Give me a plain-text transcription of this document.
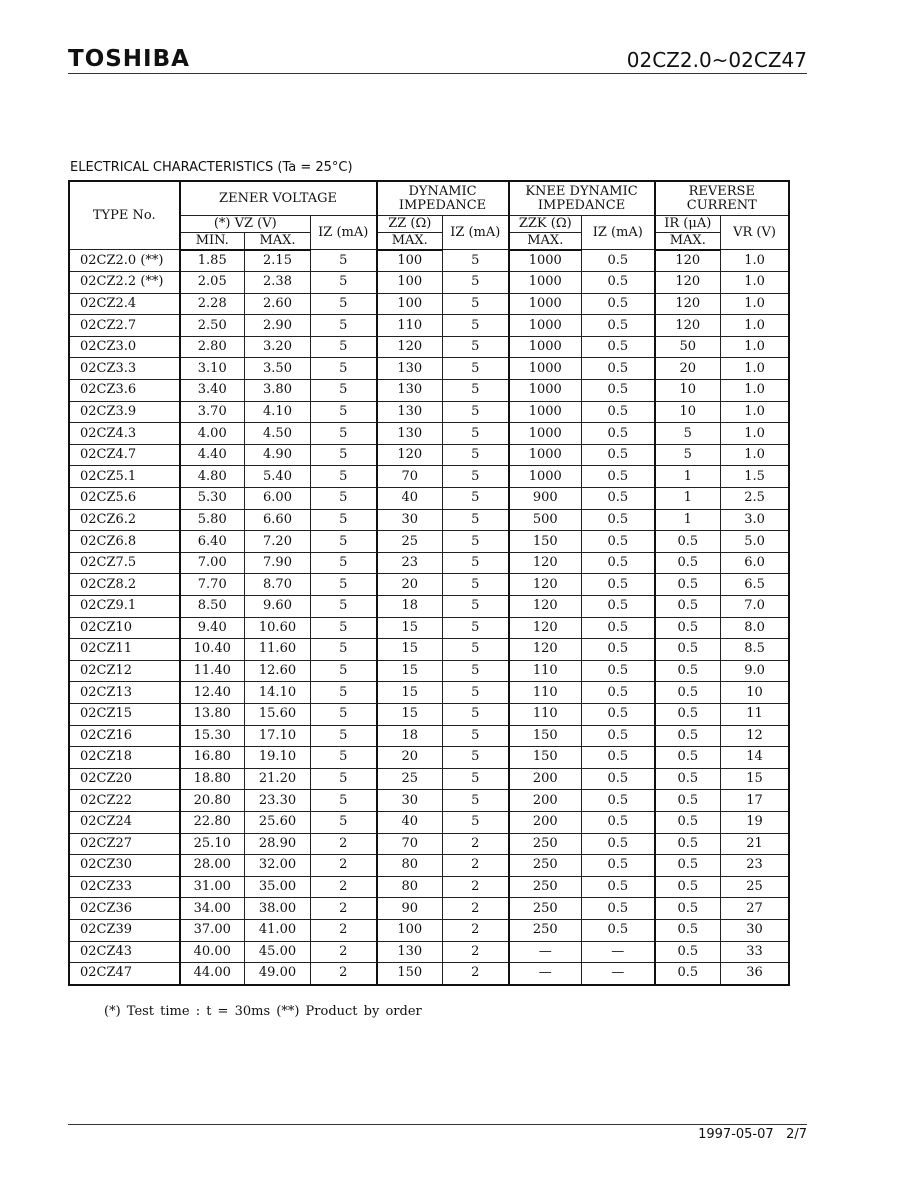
TOSHIBA	02CZ2.0~02CZ47
ELECTRICAL CHARACTERISTICS (Ta = 25°C)
TYPE No.	ZENER VOLTAGE			DYNAMIC IMPEDANCE		KNEE DYNAMIC IMPEDANCE		REVERSE CURRENT	
	(*) VZ (V)		IZ (mA)	ZZ (Ω)	IZ (mA)	ZZK (Ω)	IZ (mA)	IR (μA)	VR (V)
	MIN.	MAX.		MAX.		MAX.		MAX.	
02CZ2.0 (**)	1.85	2.15	5	100	5	1000	0.5	120	1.0
02CZ2.2 (**)	2.05	2.38	5	100	5	1000	0.5	120	1.0
02CZ2.4	2.28	2.60	5	100	5	1000	0.5	120	1.0
02CZ2.7	2.50	2.90	5	110	5	1000	0.5	120	1.0
02CZ3.0	2.80	3.20	5	120	5	1000	0.5	50	1.0
02CZ3.3	3.10	3.50	5	130	5	1000	0.5	20	1.0
02CZ3.6	3.40	3.80	5	130	5	1000	0.5	10	1.0
02CZ3.9	3.70	4.10	5	130	5	1000	0.5	10	1.0
02CZ4.3	4.00	4.50	5	130	5	1000	0.5	5	1.0
02CZ4.7	4.40	4.90	5	120	5	1000	0.5	5	1.0
02CZ5.1	4.80	5.40	5	70	5	1000	0.5	1	1.5
02CZ5.6	5.30	6.00	5	40	5	900	0.5	1	2.5
02CZ6.2	5.80	6.60	5	30	5	500	0.5	1	3.0
02CZ6.8	6.40	7.20	5	25	5	150	0.5	0.5	5.0
02CZ7.5	7.00	7.90	5	23	5	120	0.5	0.5	6.0
02CZ8.2	7.70	8.70	5	20	5	120	0.5	0.5	6.5
02CZ9.1	8.50	9.60	5	18	5	120	0.5	0.5	7.0
02CZ10	9.40	10.60	5	15	5	120	0.5	0.5	8.0
02CZ11	10.40	11.60	5	15	5	120	0.5	0.5	8.5
02CZ12	11.40	12.60	5	15	5	110	0.5	0.5	9.0
02CZ13	12.40	14.10	5	15	5	110	0.5	0.5	10
02CZ15	13.80	15.60	5	15	5	110	0.5	0.5	11
02CZ16	15.30	17.10	5	18	5	150	0.5	0.5	12
02CZ18	16.80	19.10	5	20	5	150	0.5	0.5	14
02CZ20	18.80	21.20	5	25	5	200	0.5	0.5	15
02CZ22	20.80	23.30	5	30	5	200	0.5	0.5	17
02CZ24	22.80	25.60	5	40	5	200	0.5	0.5	19
02CZ27	25.10	28.90	2	70	2	250	0.5	0.5	21
02CZ30	28.00	32.00	2	80	2	250	0.5	0.5	23
02CZ33	31.00	35.00	2	80	2	250	0.5	0.5	25
02CZ36	34.00	38.00	2	90	2	250	0.5	0.5	27
02CZ39	37.00	41.00	2	100	2	250	0.5	0.5	30
02CZ43	40.00	45.00	2	130	2	—	—	0.5	33
02CZ47	44.00	49.00	2	150	2	—	—	0.5	36
(*) Test time : t = 30ms (**) Product by order
1997-05-07 2/7
